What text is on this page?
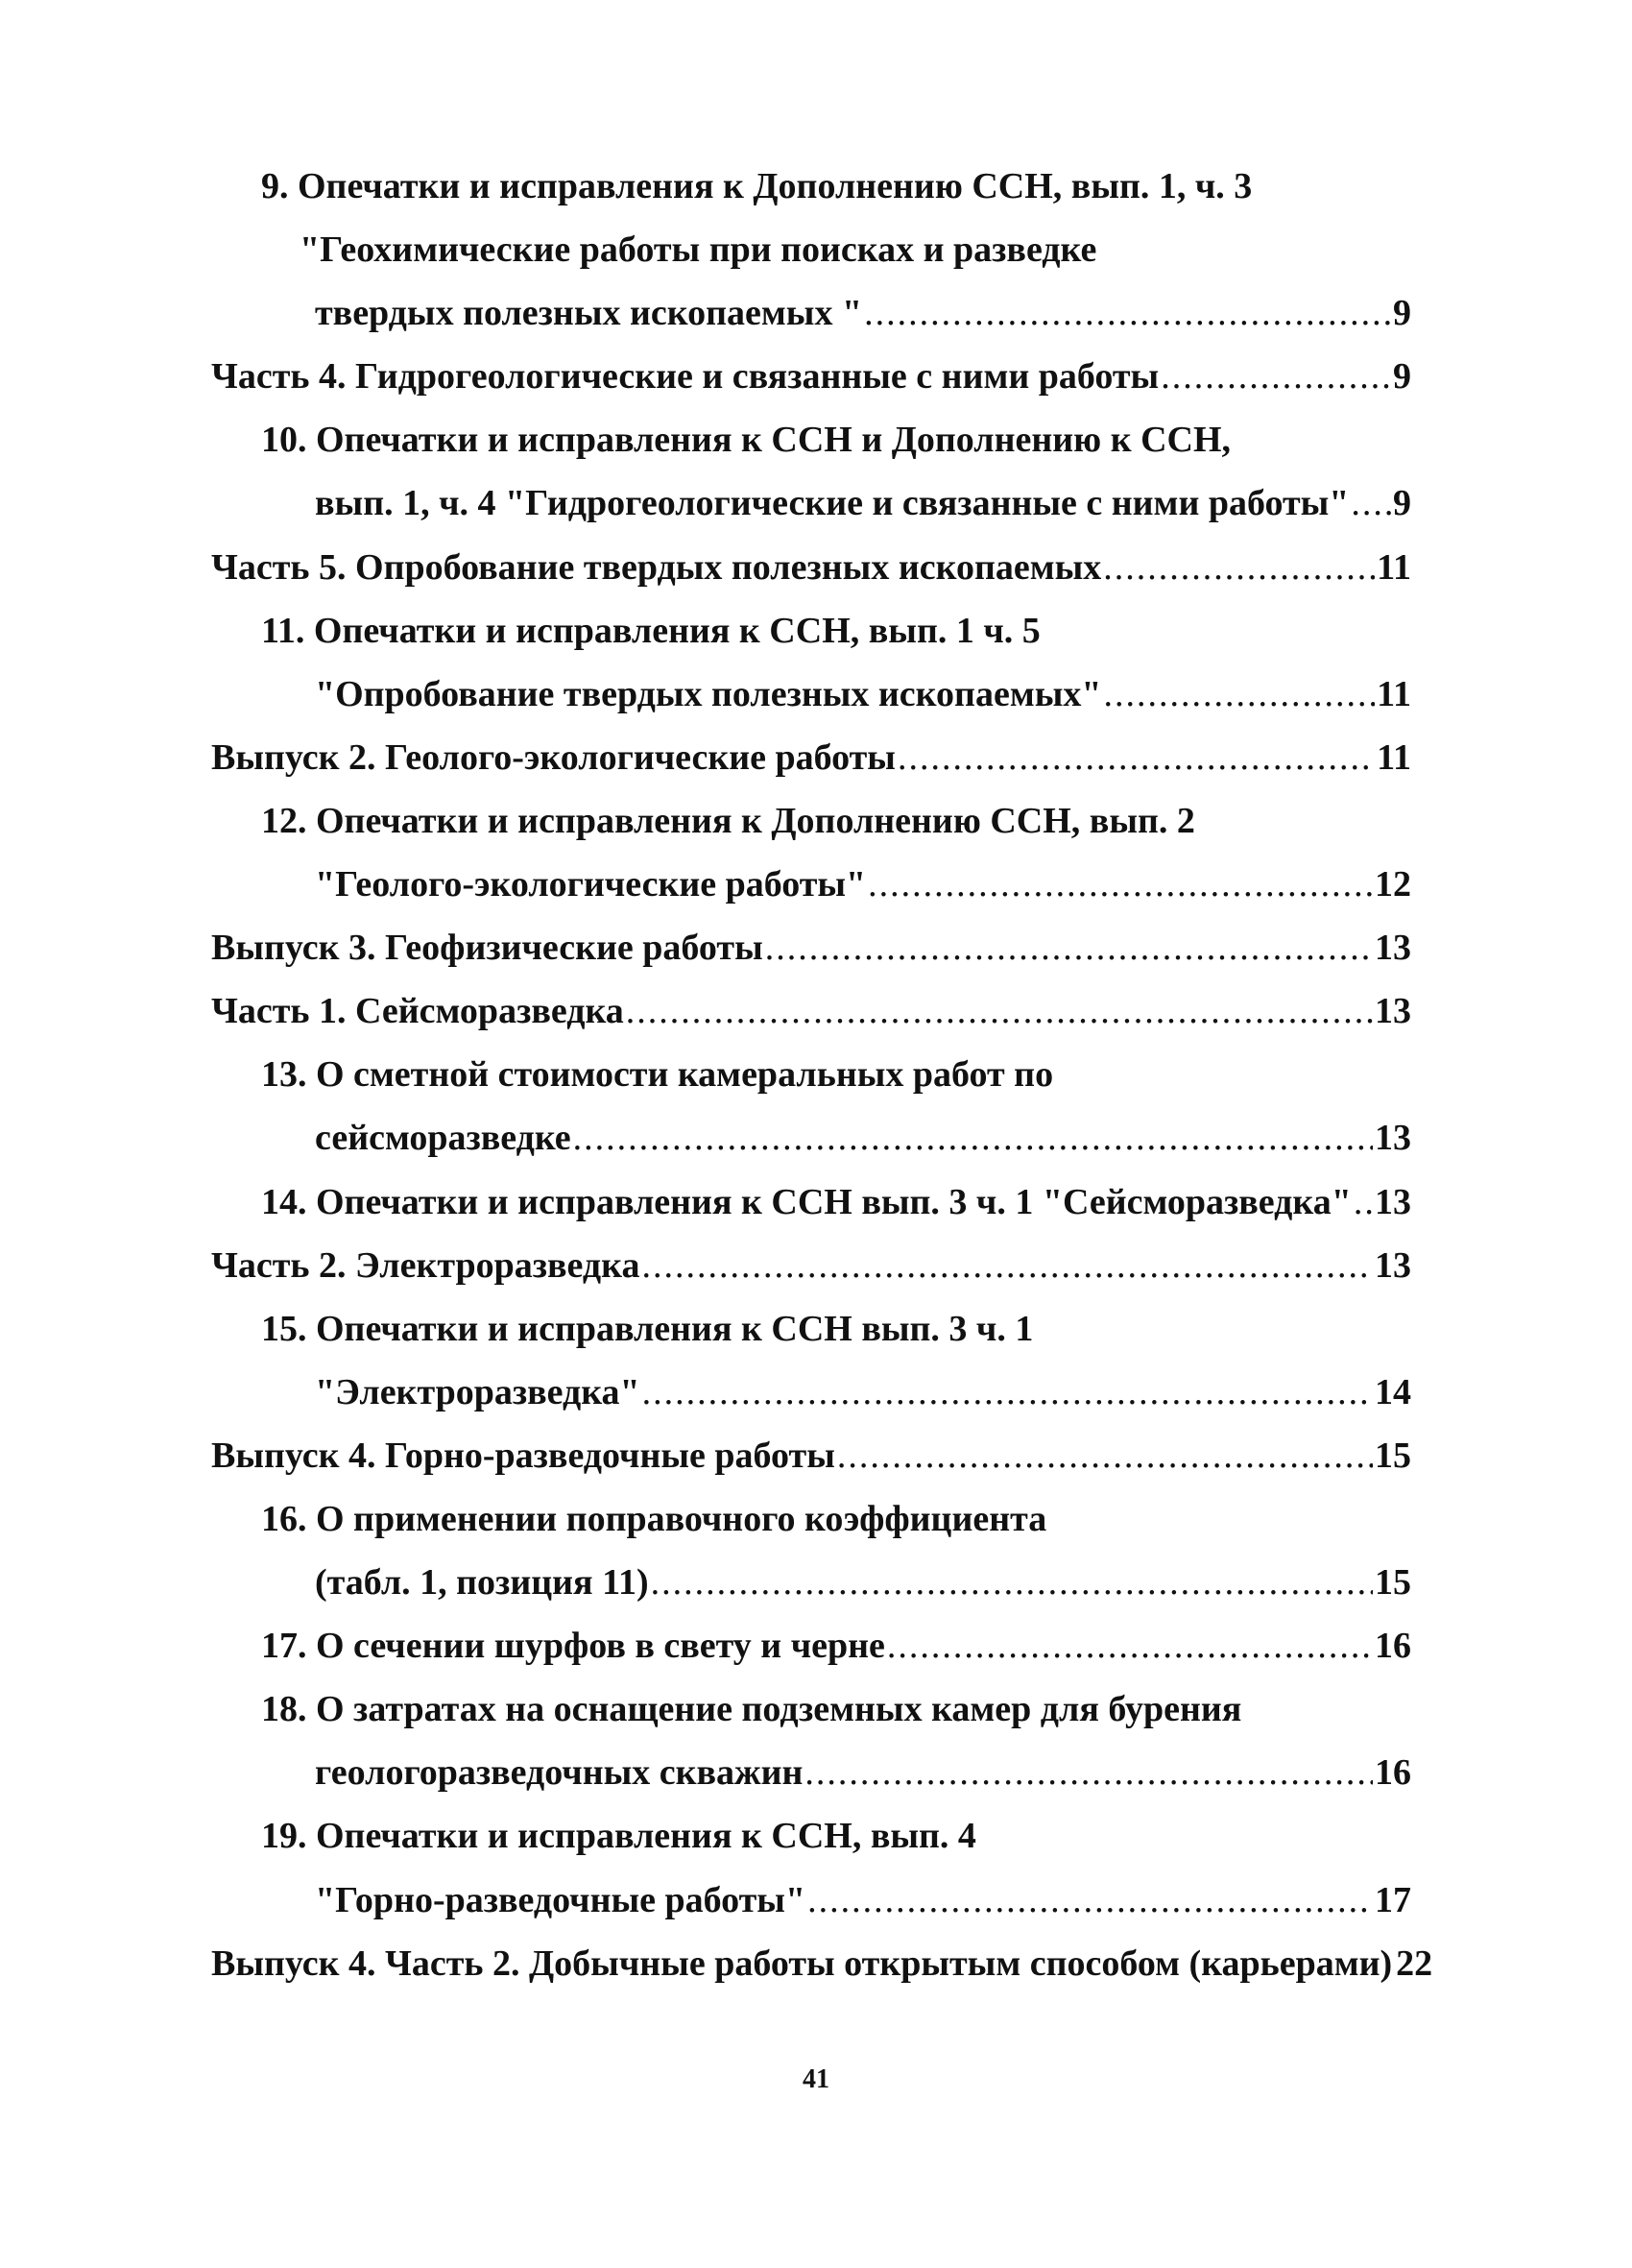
9. Опечатки и исправления к Дополнению ССН, вып. 1, ч. 3
"Геохимические работы при поисках и разведке
твердых полезных ископаемых " .....	9
Часть 4. Гидрогеологические и связанные с ними работы .....	9
10. Опечатки и исправления к ССН и Дополнению к ССН,
вып. 1, ч. 4 "Гидрогеологические и связанные с ними работы" ..... 9
Часть 5. Опробование твердых полезных ископаемых .....	11
11. Опечатки и исправления к ССН, вып. 1 ч. 5
"Опробование твердых полезных ископаемых" .....	11
Выпуск 2. Геолого-экологические работы .....	11
12. Опечатки и исправления к Дополнению ССН, вып. 2
"Геолого-экологические работы" .....	12
Выпуск 3. Геофизические работы .....	13
Часть 1. Сейсморазведка .....	13
13. О сметной стоимости камеральных работ по
сейсморазведке .....	13
14. Опечатки и исправления к ССН вып. 3 ч. 1 "Сейсморазведка" ..... 13
Часть 2. Электроразведка .....	13
15. Опечатки и исправления к ССН вып. 3 ч. 1
"Электроразведка" .....	14
Выпуск 4. Горно-разведочные работы .....	15
16. О применении поправочного коэффициента
(табл. 1, позиция 11) .....	15
17. О сечении шурфов в свету и черне .....	16
18. О затратах на оснащение подземных камер для бурения
геологоразведочных скважин .....	16
19. Опечатки и исправления к ССН, вып. 4
"Горно-разведочные работы" .....	17
Выпуск 4. Часть 2. Добычные работы открытым способом (карьерами) 22
41
